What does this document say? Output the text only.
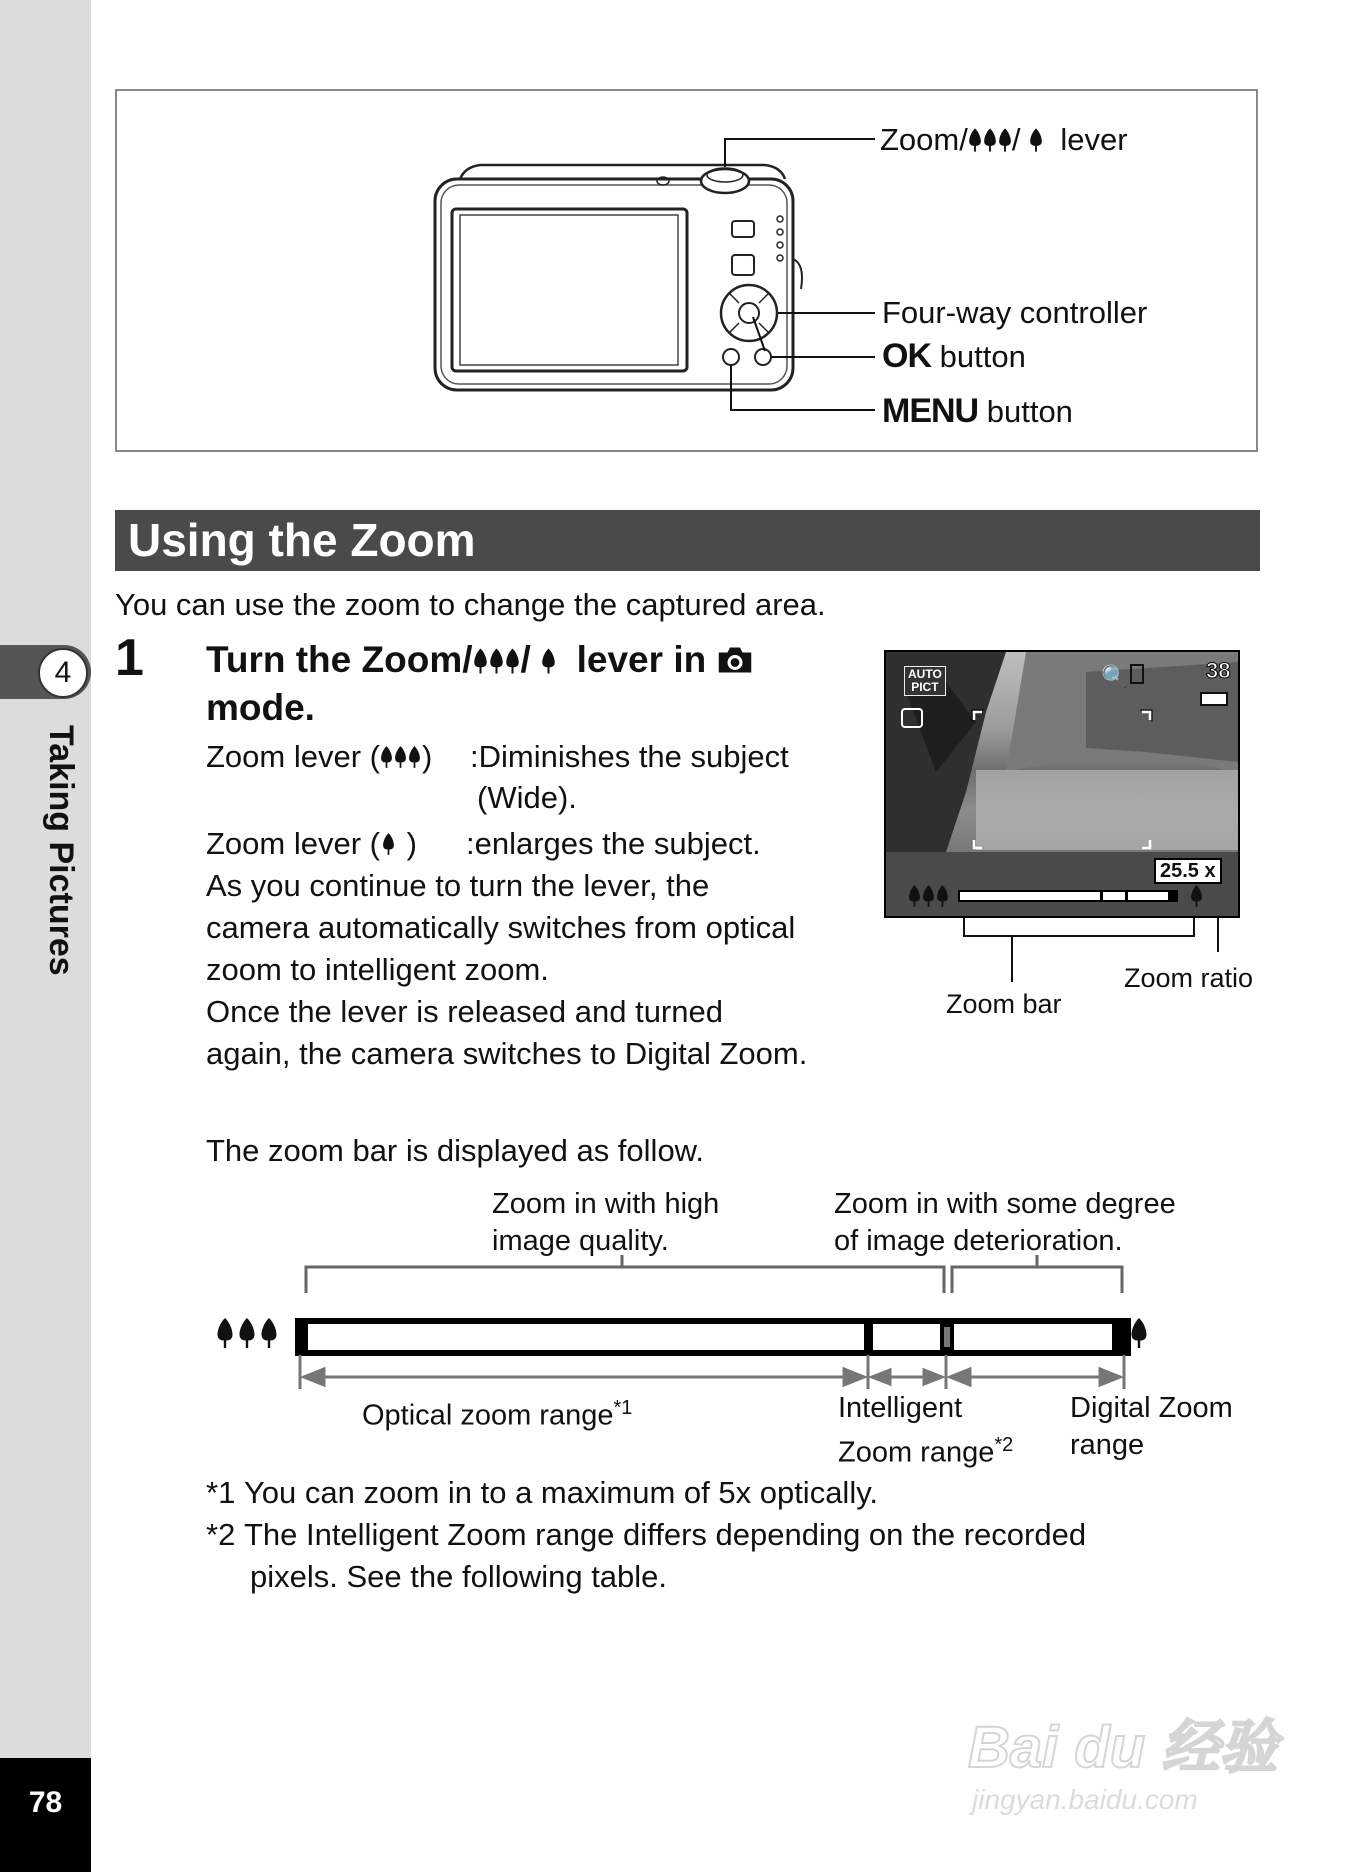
4
Taking Pictures
78
Zoom/ / lever
Four-way controller
OK button
MENU button
Using the Zoom
You can use the zoom to change the captured area.
1 Turn the Zoom/ / lever in
mode.
Zoom lever ( ) :Diminishes the subject
(Wide).
Zoom lever ( ) :enlarges the subject.
As you continue to turn the lever, the
camera automatically switches from optical
zoom to intelligent zoom.
Once the lever is released and turned
again, the camera switches to Digital Zoom.
AUTO
PICT	🔍	38
25.5 x
Zoom bar
Zoom ratio
The zoom bar is displayed as follow.
Zoom in with high
image quality.
Zoom in with some degree
of image deterioration.
Optical zoom range$^{*1}$	Intelligent
Zoom range$^{*2}$
Digital Zoom
range
*1 You can zoom in to a maximum of 5x optically.
*2 The Intelligent Zoom range differs depending on the recorded
pixels. See the following table.
Bai du 经验
jingyan.baidu.com
